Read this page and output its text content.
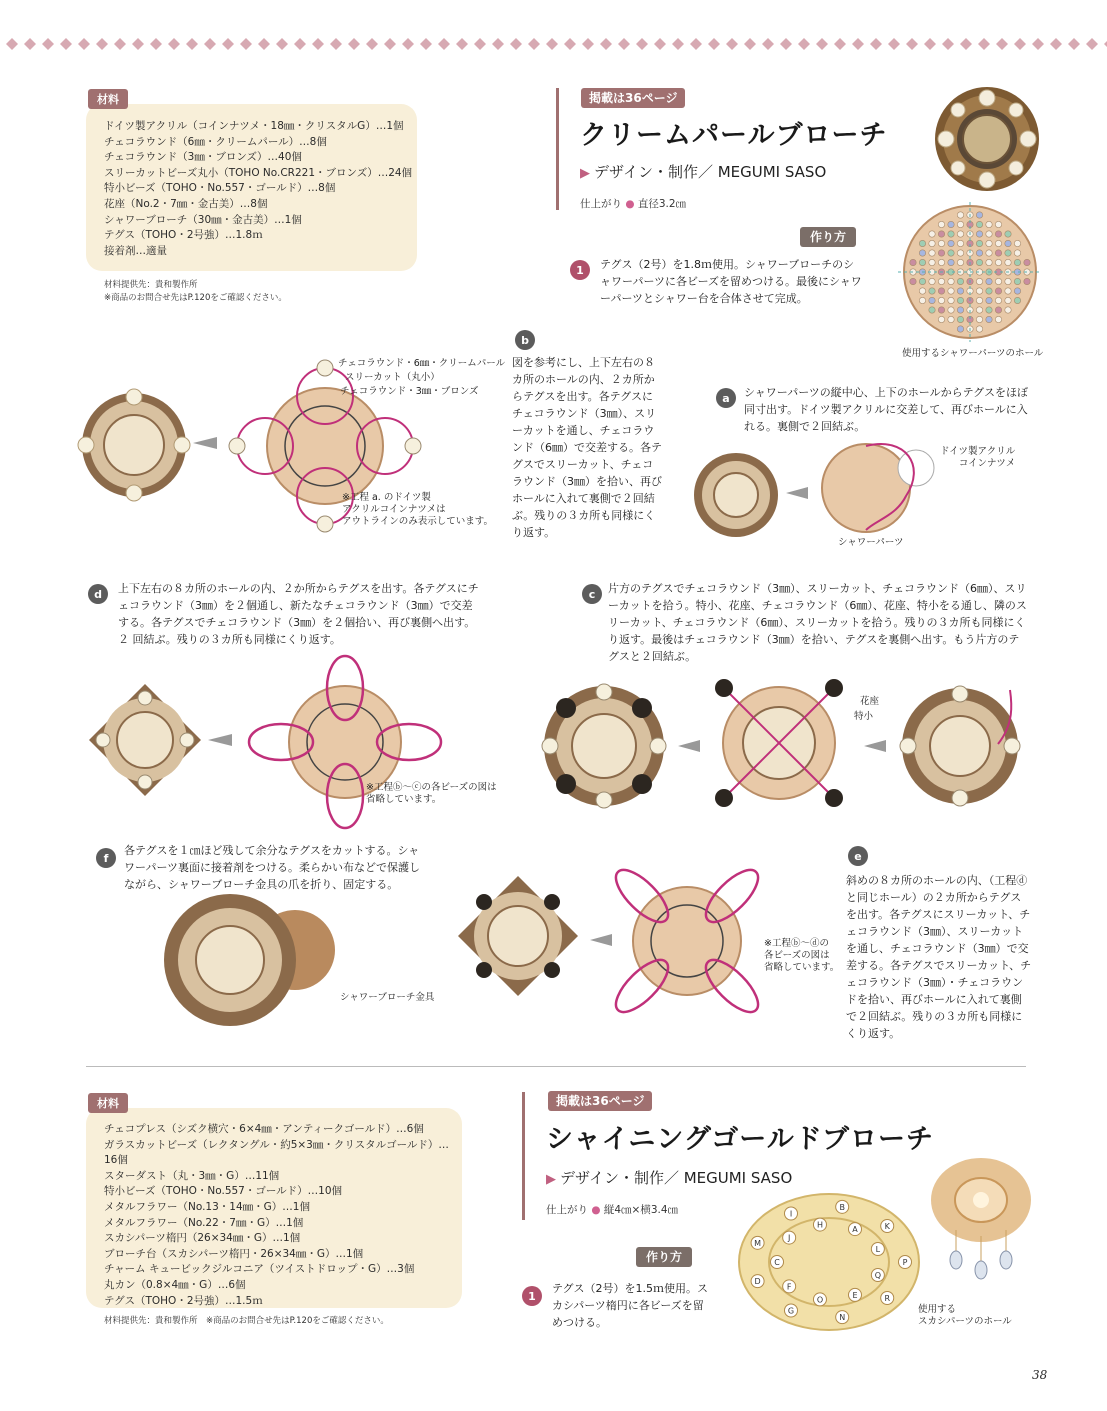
材料
ドイツ製アクリル（コインナツメ・18㎜・クリスタルG）…1個
チェコラウンド（6㎜・クリームパール）…8個
チェコラウンド（3㎜・ブロンズ）…40個
スリーカットビーズ丸小（TOHO No.CR221・ブロンズ）…24個
特小ビーズ（TOHO・No.557・ゴールド）…8個
花座（No.2・7㎜・金古美）…8個
シャワーブローチ（30㎜・金古美）…1個
テグス（TOHO・2号強）…1.8ｍ
接着剤…適量
材料提供先：貴和製作所
※商品のお問合せ先はP.120をご確認ください。
掲載は36ページ
クリームパールブローチ
▶ デザイン・制作／ MEGUMI SASO
仕上がり ● 直径3.2㎝
作り方
1	テグス（2号）を1.8ｍ使用。シャワーブローチのシャワーパーツに各ビーズを留めつける。最後にシャワーパーツとシャワー台を合体させて完成。
使用するシャワーパーツのホール
b
図を参考にし、上下左右の８カ所のホールの内、２カ所からテグスを出す。各テグスにチェコラウンド（3㎜）、スリーカットを通し、チェコラウンド（6㎜）で交差する。各テグスでスリーカット、チェコラウンド（3㎜）を拾い、再びホールに入れて裏側で２回結ぶ。残りの３カ所も同様にくり返す。
チェコラウンド・6㎜・クリームパール
スリーカット（丸小）
チェコラウンド・3㎜・ブロンズ
※工程 a. のドイツ製
アクリルコインナツメは
アウトラインのみ表示しています。
a	シャワーパーツの縦中心、上下のホールからテグスをほぼ同寸出す。ドイツ製アクリルに交差して、再びホールに入れる。裏側で２回結ぶ。
ドイツ製アクリル
コインナツメ
シャワーパーツ
d	上下左右の８カ所のホールの内、２か所からテグスを出す。各テグスにチェコラウンド（3㎜）を２個通し、新たなチェコラウンド（3㎜）で交差する。各テグスでチェコラウンド（3㎜）を２個拾い、再び裏側へ出す。２ 回結ぶ。残りの３カ所も同様にくり返す。
※工程ⓑ～ⓒの各ビーズの図は
省略しています。
c	片方のテグスでチェコラウンド（3㎜）、スリーカット、チェコラウンド（6㎜）、スリーカットを拾う。特小、花座、チェコラウンド（6㎜）、花座、特小をる通し、隣のスリーカット、チェコラウンド（6㎜）、スリーカットを拾う。残りの３カ所も同様にくり返す。最後はチェコラウンド（3㎜）を拾い、テグスを裏側へ出す。もう片方のテグスと２回結ぶ。
花座
特小
f
各テグスを１㎝ほど残して余分なテグスをカットする。シャワーパーツ裏面に接着剤をつける。柔らかい布などで保護しながら、シャワーブローチ金具の爪を折り、固定する。
シャワーブローチ金具
※工程ⓑ～ⓓの
各ビーズの図は
省略しています。
e
斜めの８カ所のホールの内、（工程ⓓと同じホール）の２カ所からテグスを出す。各テグスにスリーカット、チェコラウンド（3㎜）、スリーカットを通し、チェコラウンド（3㎜）で交差する。各テグスでスリーカット、チェコラウンド（3㎜）・チェコラウンドを拾い、再びホールに入れて裏側で２回結ぶ。残りの３カ所も同様にくり返す。
材料
チェコプレス（シズク横穴・6×4㎜・アンティークゴールド）…6個
ガラスカットビーズ（レクタングル・約5×3㎜・クリスタルゴールド）…16個
スターダスト（丸・3㎜・G）…11個
特小ビーズ（TOHO・No.557・ゴールド）…10個
メタルフラワー（No.13・14㎜・G）…1個
メタルフラワー（No.22・7㎜・G）…1個
スカシパーツ楕円（26×34㎜・G）…1個
ブローチ台（スカシパーツ楕円・26×34㎜・G）…1個
チャーム キュービックジルコニア（ツイストドロップ・G）…3個
丸カン（0.8×4㎜・G）…6個
テグス（TOHO・2号強）…1.5ｍ
材料提供先：貴和製作所　※商品のお問合せ先はP.120をご確認ください。
掲載は36ページ
シャイニングゴールドブローチ
▶ デザイン・制作／ MEGUMI SASO
仕上がり ● 縦4㎝×横3.4㎝
作り方
1
テグス（2号）を1.5ｍ使用。スカシパーツ楕円に各ビーズを留めつける。
P
Q
R
E
N
O
G
F
D
C
M
J
I
H
B
A	K
L
使用する
スカシパーツのホール
38
